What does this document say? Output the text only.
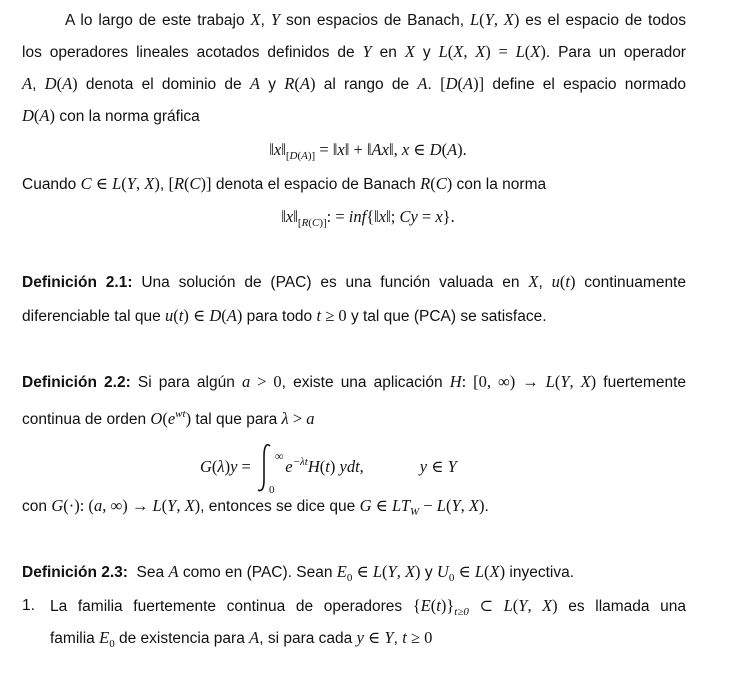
A lo largo de este trabajo X, Y son espacios de Banach, L(Y, X) es el espacio de todos
los operadores lineales acotados definidos de Y en X y L(X, X) = L(X). Para un operador
A, D(A) denota el dominio de A y R(A) al rango de A. [D(A)] define el espacio normado
D(A) con la norma gráfica
$‖x‖_{[D(A)]}$ = ‖x‖ + ‖Ax‖, x ∈ D(A).
Cuando C ∈ L(Y, X), [R(C)] denota el espacio de Banach R(C) con la norma
$‖x‖_{[R(C)]}$: = inf{‖x‖; Cy = x}.
Definición 2.1: Una solución de (PAC) es una función valuada en X, u(t) continuamente
diferenciable tal que u(t) ∈ D(A) para todo t ≥ 0 y tal que (PCA) se satisface.
Definición 2.2: Si para algún a > 0, existe una aplicación H: [0, ∞) → L(Y, X) fuertemente
continua de orden $O(e^{wt})$ tal que para λ > a
G(λ)y =
∞
0
$e^{-\lambda t}H(t)$ ydt,	y ∈ Y
con G(·): (a, ∞) → L(Y, X), entonces se dice que G ∈ $LT_W - L(Y$, X).
Definición 2.3:  Sea A como en (PAC). Sean $E_0$ ∈ L(Y, X) y $U_0$ ∈ L(X) inyectiva.
1. La familia fuertemente continua de operadores $\{E(t)\}_{t\ge 0}$ ⊂ L(Y, X) es llamada una
familia $E_0$ de existencia para A, si para cada y ∈ Y, t ≥ 0
